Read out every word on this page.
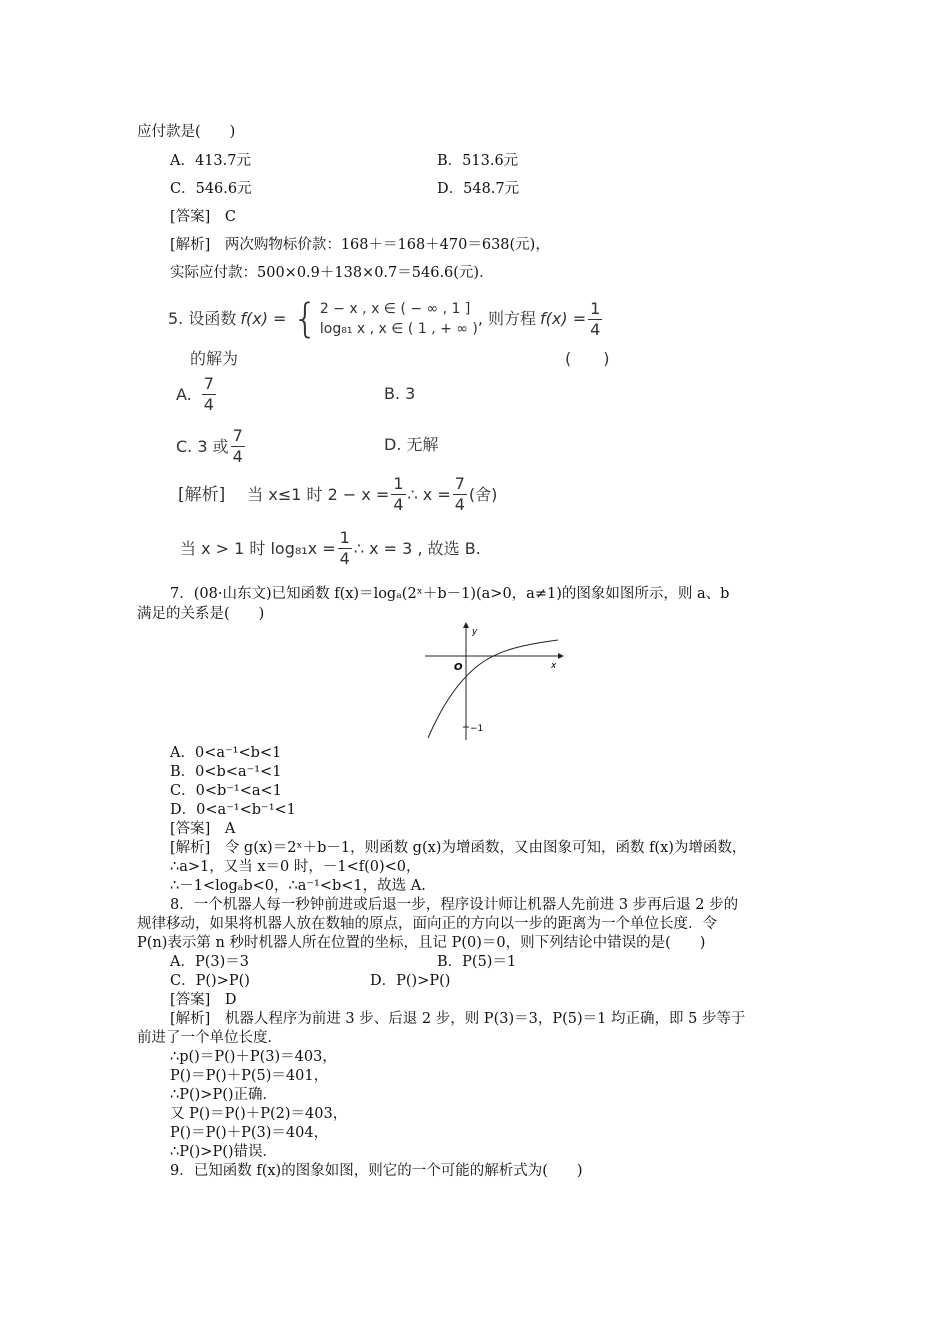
应付款是(　　)
A．413.7元	B．513.6元
C．546.6元	D．548.7元
[答案]　C
[解析]　两次购物标价款：168＋＝168＋470＝638(元)，
实际应付款：500×0.9＋138×0.7＝546.6(元)．
5. 设函数 f(x) = { 2 − x , x ∈ ( − ∞ , 1 ]
log₈₁ x , x ∈ ( 1 , + ∞ )
, 则方程 $f(x) = \frac{1}{4}$
的解为	(　　)
A. $\frac{7}{4}$	B. 3
C. 3 或 $\frac{7}{4}$	D. 无解
[解析] 当 x≤1 时 $2 - x = \frac{1}{4}$ ∴ $x = \frac{7}{4}$ (舍)
当 x > 1 时 $\log_{81}x = \frac{1}{4}$ ∴ x = 3 , 故选 B.
7．(08·山东文)已知函数 f(x)＝logₐ(2ˣ＋b－1)(a>0，a≠1)的图象如图所示，则 a、b
满足的关系是(　　)
y
x
O
−1
A．0<a⁻¹<b<1
B．0<b<a⁻¹<1
C．0<b⁻¹<a<1
D．0<a⁻¹<b⁻¹<1
[答案]　A
[解析]　令 g(x)＝2ˣ＋b－1，则函数 g(x)为增函数，又由图象可知，函数 f(x)为增函数，
∴a>1，又当 x＝0 时，－1<f(0)<0，
∴－1<logₐb<0，∴a⁻¹<b<1，故选 A.
8．一个机器人每一秒钟前进或后退一步，程序设计师让机器人先前进 3 步再后退 2 步的
规律移动，如果将机器人放在数轴的原点，面向正的方向以一步的距离为一个单位长度．令
P(n)表示第 n 秒时机器人所在位置的坐标，且记 P(0)＝0，则下列结论中错误的是(　　)
A．P(3)＝3	B．P(5)＝1
C．P()>P()	D．P()>P()
[答案]　D
[解析]　机器人程序为前进 3 步、后退 2 步，则 P(3)＝3，P(5)＝1 均正确，即 5 步等于
前进了一个单位长度．
∴p()＝P()＋P(3)＝403，
P()＝P()＋P(5)＝401，
∴P()>P()正确．
又 P()＝P()＋P(2)＝403，
P()＝P()＋P(3)＝404，
∴P()>P()错误．
9．已知函数 f(x)的图象如图，则它的一个可能的解析式为(　　)
